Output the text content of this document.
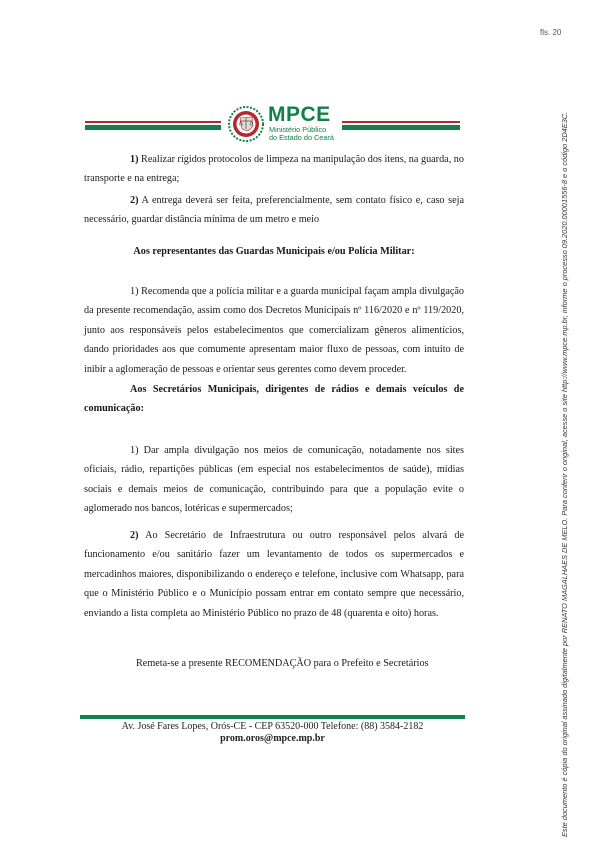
fls. 20
MPCE
Ministério Público
do Estado do Ceará

1) Realizar rígidos protocolos de limpeza na manipulação dos itens, na guarda, no transporte e na entrega;

2) A entrega deverá ser feita, preferencialmente, sem contato físico e, caso seja necessário, guardar distância mínima de um metro e meio

Aos representantes das Guardas Municipais e/ou Polícia Militar:

1) Recomenda que a polícia militar e a guarda municipal façam ampla divulgação da presente recomendação, assim como dos Decretos Municipais nº 116/2020 e nº 119/2020, junto aos responsáveis pelos estabelecimentos que comercializam gêneros alimentícios, dando prioridades aos que comumente apresentam maior fluxo de pessoas, com intuito de inibir a aglomeração de pessoas e orientar seus gerentes como devem proceder.

Aos Secretários Municipais, dirigentes de rádios e demais veículos de comunicação:

1) Dar ampla divulgação nos meios de comunicação, notadamente nos sites oficiais, rádio, repartições públicas (em especial nos estabelecimentos de saúde), mídias sociais e demais meios de comunicação, contribuindo para que a população evite o aglomerado nos bancos, lotéricas e supermercados;

2) Ao Secretário de Infraestrutura ou outro responsável pelos alvará de funcionamento e/ou sanitário fazer um levantamento de todos os supermercados e mercadinhos maiores, disponibilizando o endereço e telefone, inclusive com Whatsapp, para que o Ministério Público e o Município possam entrar em contato sempre que necessário, enviando a lista completa ao Ministério Público no prazo de 48 (quarenta e oito) horas.

Remeta-se a presente RECOMENDAÇÃO para o Prefeito e Secretários

Av. José Fares Lopes, Orós-CE - CEP 63520-000 Telefone: (88) 3584-2182
prom.oros@mpce.mp.br	Este documento é cópia do original assinado digitalmente por RENATO MAGALHAES DE MELO. Para conferir o original, acesse o site http://www.mpce.mp.br, informe o processo 09.2020.00001556-8 e o código 2D4E3C.
